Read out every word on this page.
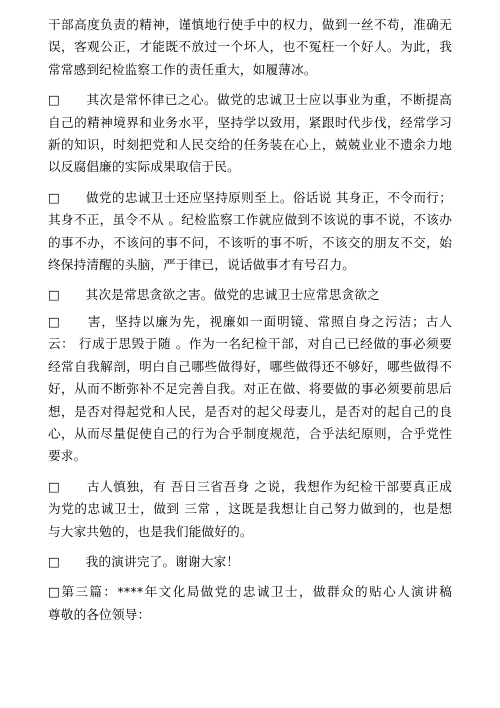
干部高度负责的精神，谨慎地行使手中的权力，做到一丝不苟，准确无误，客观公正，才能既不放过一个坏人，也不冤枉一个好人。为此，我常常感到纪检监察工作的责任重大，如履薄冰。

□　　其次是常怀律已之心。做党的忠诚卫士应以事业为重，不断提高自己的精神境界和业务水平，坚持学以致用，紧跟时代步伐，经常学习新的知识，时刻把党和人民交给的任务装在心上，兢兢业业不遗余力地以反腐倡廉的实际成果取信于民。

□　　做党的忠诚卫士还应坚持原则至上。俗话说 其身正，不令而行；其身不正，虽令不从 。纪检监察工作就应做到不该说的事不说，不该办的事不办，不该问的事不问，不该听的事不听，不该交的朋友不交，始终保持清醒的头脑，严于律已，说话做事才有号召力。

□　　其次是常思贪欲之害。做党的忠诚卫士应常思贪欲之

□　　害，坚持以廉为先，视廉如一面明镜、常照自身之污洁；古人云： 行成于思毁于随 。作为一名纪检干部，对自己已经做的事必须要经常自我解剖，明白自己哪些做得好，哪些做得还不够好，哪些做得不好，从而不断弥补不足完善自我。对正在做、将要做的事必须要前思后想，是否对得起党和人民，是否对的起父母妻儿，是否对的起自己的良心，从而尽量促使自己的行为合乎制度规范，合乎法纪原则，合乎党性要求。

□　　古人慎独，有 吾日三省吾身 之说，我想作为纪检干部要真正成为党的忠诚卫士，做到 三常 ，这既是我想让自己努力做到的，也是想与大家共勉的，也是我们能做好的。

□　　我的演讲完了。谢谢大家！

□第三篇：****年文化局做党的忠诚卫士，做群众的贴心人演讲稿　　尊敬的各位领导：
